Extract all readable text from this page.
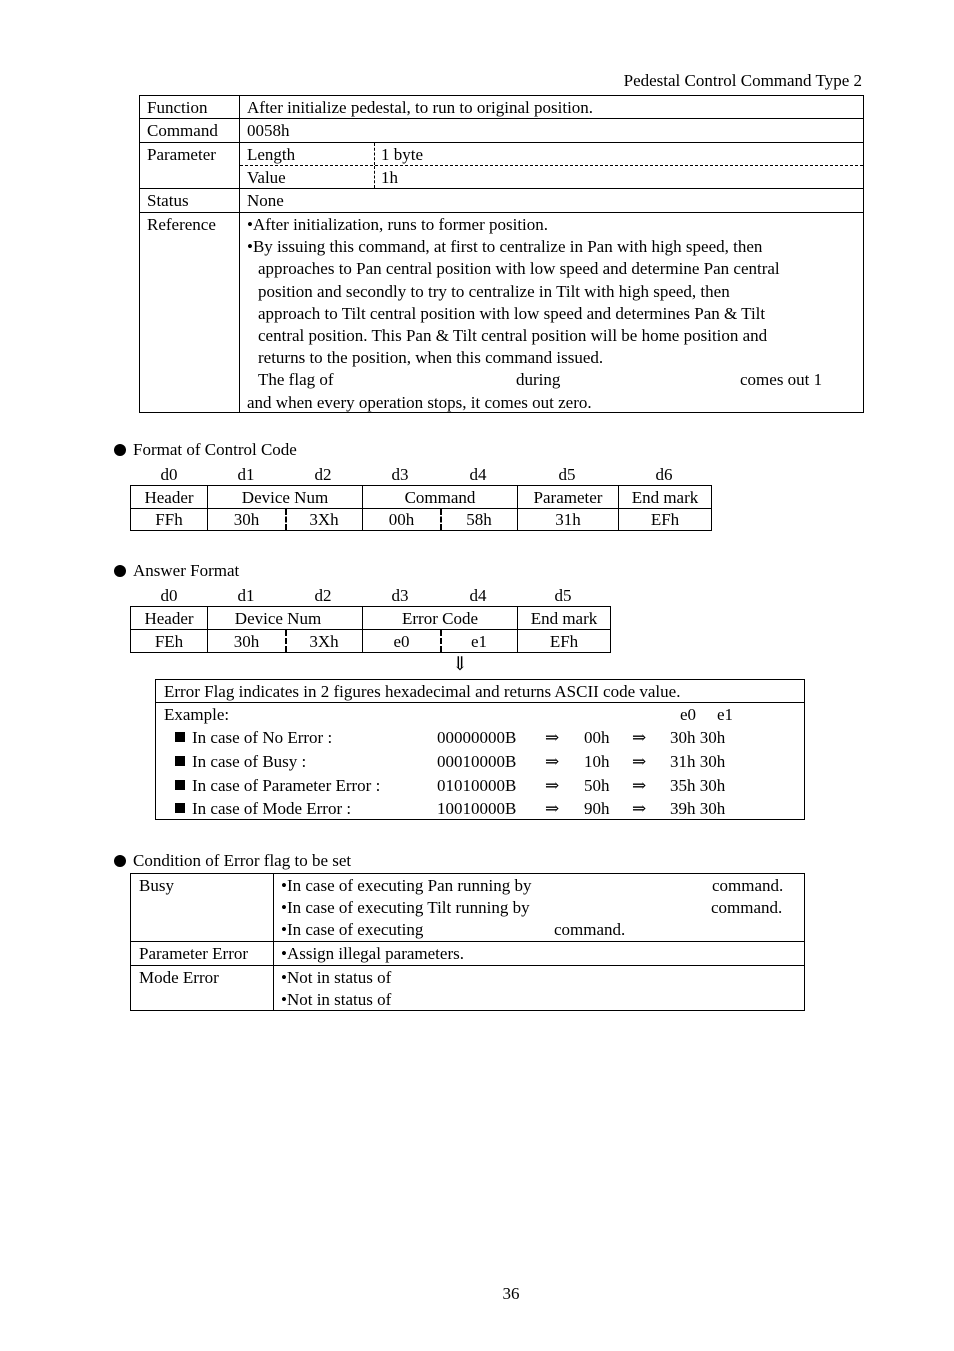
Pedestal Control Command Type 2
Function	After initialize pedestal, to run to original position.
Command	0058h
Parameter	Length	1 byte
Value	1h
Status	None
Reference	•After initialization, runs to former position.
•By issuing this command, at first to centralize in Pan with high speed, then
approaches to Pan central position with low speed and determine Pan central
position and secondly to try to centralize in Tilt with high speed, then
approach to Tilt central position with low speed and determines Pan & Tilt
central position. This Pan & Tilt central position will be home position and
returns to the position, when this command issued.
The flag of	during	comes out 1
and when every operation stops, it comes out zero.
Format of Control Code
d0	d1	d2	d3	d4	d5	d6
Header	Device Num	Command	Parameter	End mark
FFh	30h	3Xh	00h	58h	31h	EFh
Answer Format
d0	d1	d2	d3	d4	d5
Header	Device Num	Error Code	End mark
FEh	30h	3Xh	e0	e1	EFh
⇓
Error Flag indicates in 2 figures hexadecimal and returns ASCII code value.
Example:	e0 e1
In case of No Error :	00000000B ⇒ 00h ⇒ 30h 30h
In case of Busy :	00010000B ⇒ 10h ⇒ 31h 30h
In case of Parameter Error :	01010000B ⇒ 50h ⇒ 35h 30h
In case of Mode Error :	10010000B ⇒ 90h ⇒ 39h 30h
Condition of Error flag to be set
Busy	•In case of executing Pan running by	command.
•In case of executing Tilt running by	command.
•In case of executing	command.
Parameter Error	•Assign illegal parameters.
Mode Error	•Not in status of
•Not in status of
36
